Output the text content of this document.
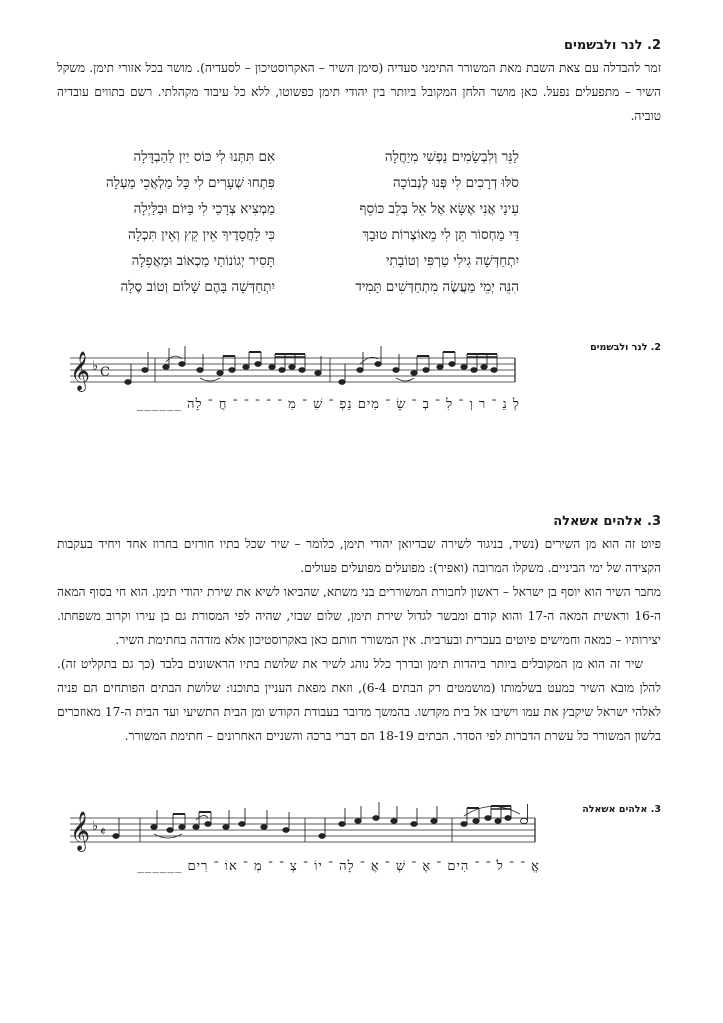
2. לנר ולבשמים

זמר להבדלה עם צאת השבת מאת המשורר התימני סעדיה (סימן השיר – האקרוסטיכון – לסעדיה). מושר בכל אזורי תימן. משקל השיר – מתפעלים נפעל. כאן מושר הלחן המקובל ביותר בין יהודי תימן כפשוטו, ללא כל עיבוד מקהלתי. רשם בתווים עובדיה טוביה.

לַנֵּר וְלִבְשָׂמִים נַפְשִׁי מִיַחֲלָה
סֹלּוּ דְרָכִים לִי פְּנוּ לְנְבוֹכָה
עֵינַי אֲנִי אֶשָּׂא אֶל אֵל בְּלֵב כּוֹסֵף
דַּי מַחְסוֹר תֵּן לִי מֵאוֹצְרוֹת טוּבָךְ
יִתְחַדְּשָׁה גִילִי טַרְפִּי וְטוֹבָתִי
הִנֵּה יְמֵי מַעֲשֶׂה מִתְחַדְּשִׁים תָּמִיד
אִם תִּתְּנוּ לִי כּוֹס יַיִן לַהַבְדָּלָה
פִּתְחוּ שְׁעָרִים לִי כָּל מַלְאֲכֵי מַעְלָה
מַמְצִיא צְרָכַי לִי בַּיּוֹם וּבַלַּיְלָה
כִּי לַחֲסָדֶיךָ אֵין קֵץ וְאֵין תִּכְלָה
תָּסִיר יְגוֹנוֹתַי מַכְאוֹב וּמַאֲפֵלָה
יִתְחַדְּשָׁה בָּהֶם שָׁלוֹם וְטוֹב סֶלָה
2. לנר ולבשמים
𝄞 ♭ C
לְ נֵ ־ ר וְ ־ לִ ־ בְ ־ שָׂ ־ מִים נַפְ ־ שִׁ ־ מִ ־ ־ ־ ־ ־ חֲ ־ לָה ______
3. אלהים אשאלה

פיוט זה הוא מן השירים (נשיד, בניגוד לשירה שבדיואן יהודי תימן, כלומר – שיר שכל בתיו חורזים בחרוז אחד ויחיד בעקבות הקצידה של ימי הביניים. משקלו המרובה (ואפיר): מפועלים מפועלים פעולים.

מחבר השיר הוא יוסף בן ישראל – ראשון לחבורת המשוררים בני משתא, שהביאו לשיא את שירת יהודי תימן. הוא חי בסוף המאה ה-16 וראשית המאה ה-17 והוא קודם ומבשר לגדול שירת תימן, שלום שבזי, שהיה לפי המסורת גם בן עירו וקרוב משפחתו. יצירותיו – כמאה וחמישים פיוטים בעברית ובערבית. אין המשורר חותם כאן באקרוסטיכון אלא מזדהה בחתימת השיר.

שיר זה הוא מן המקובלים ביותר ביהדות תימן ובדרך כלל נוהג לשיר את שלושת בתיו הראשונים בלבד (כך גם בתקליט זה). להלן מובא השיר כמעט בשלמותו (מושמטים רק הבתים 6-4), וזאת מפאת העניין בתוכנו: שלושת הבתים הפותחים הם פניה לאלהי ישראל שיקבץ את עמו וישיבו אל בית מקדשו. בהמשך מדובר בעבודת הקודש ומן הבית התשיעי ועד הבית ה-17 מאוזכרים בלשון המשורר כל עשרת הדברות לפי הסדר. הבתים 18-19 הם דברי ברכה והשניים האחרונים – חתימת המשורר.

3. אלהים אשאלה
𝄞 ♭ 𝄵
אֱ ־ ־ לֹ ־ ־ הִים ־ אֶ ־ שְׁ ־ אֲ ־ לָה ־ יוֹ ־ צְ ־ ־ מְ ־ אוֹ ־ רִים ______
